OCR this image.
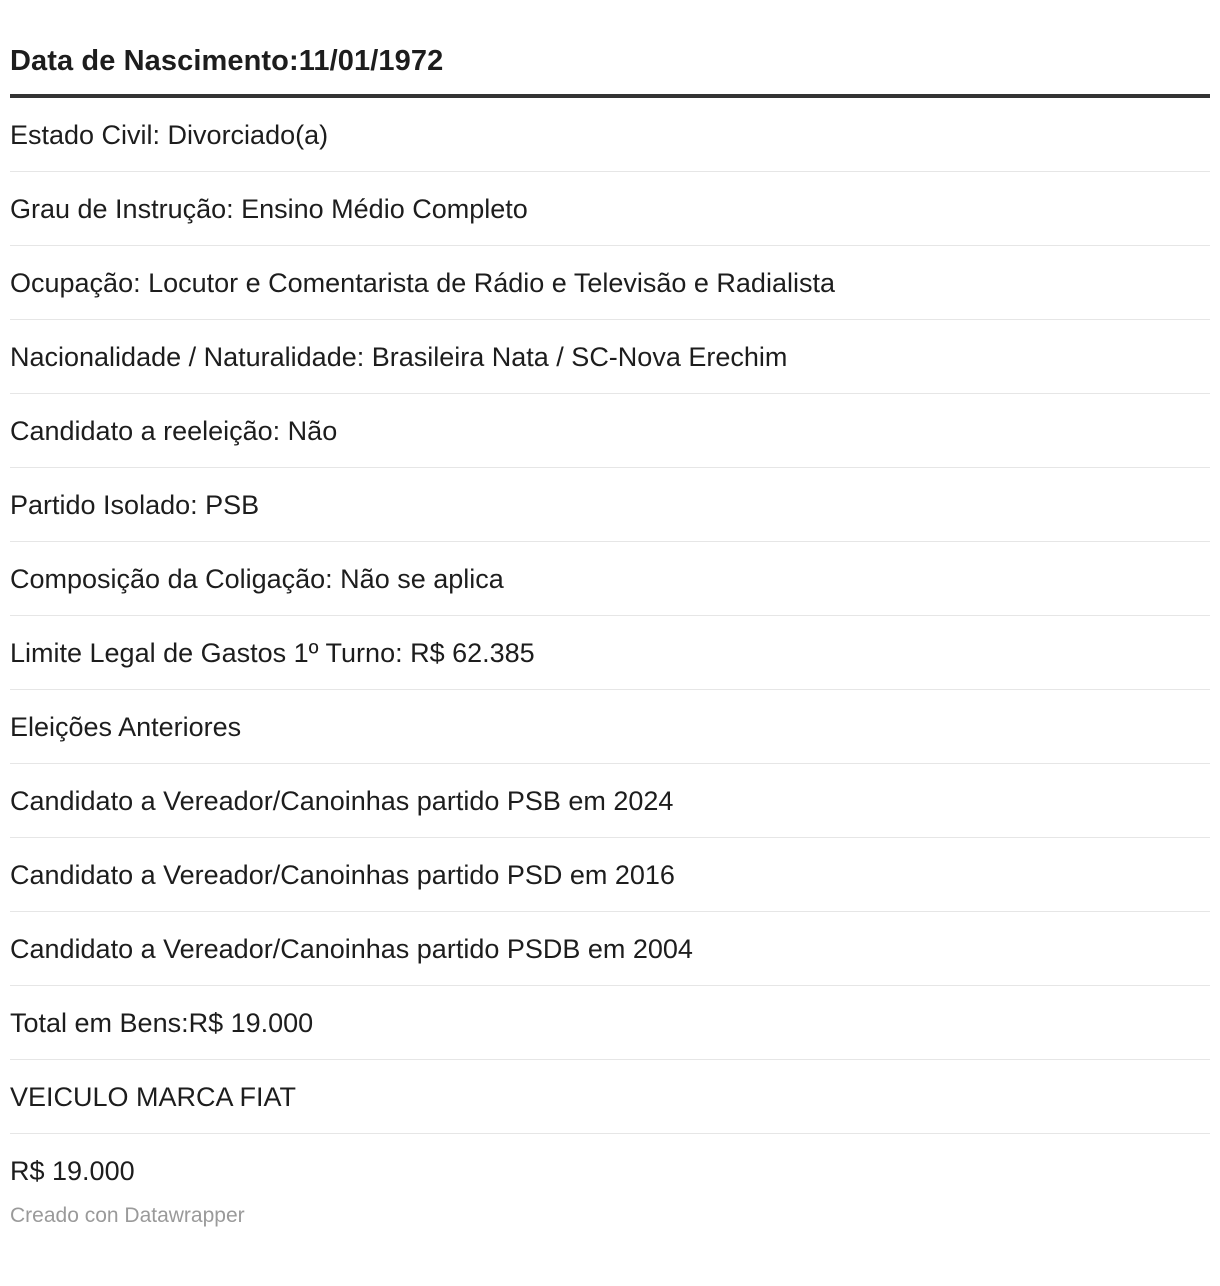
Data de Nascimento:11/01/1972
Estado Civil: Divorciado(a)
Grau de Instrução: Ensino Médio Completo
Ocupação: Locutor e Comentarista de Rádio e Televisão e Radialista
Nacionalidade / Naturalidade: Brasileira Nata / SC-Nova Erechim
Candidato a reeleição: Não
Partido Isolado: PSB
Composição da Coligação: Não se aplica
Limite Legal de Gastos 1º Turno: R$ 62.385
Eleições Anteriores
Candidato a Vereador/Canoinhas partido PSB em 2024
Candidato a Vereador/Canoinhas partido PSD em 2016
Candidato a Vereador/Canoinhas partido PSDB em 2004
Total em Bens:R$ 19.000
VEICULO MARCA FIAT
R$ 19.000
Creado con Datawrapper
